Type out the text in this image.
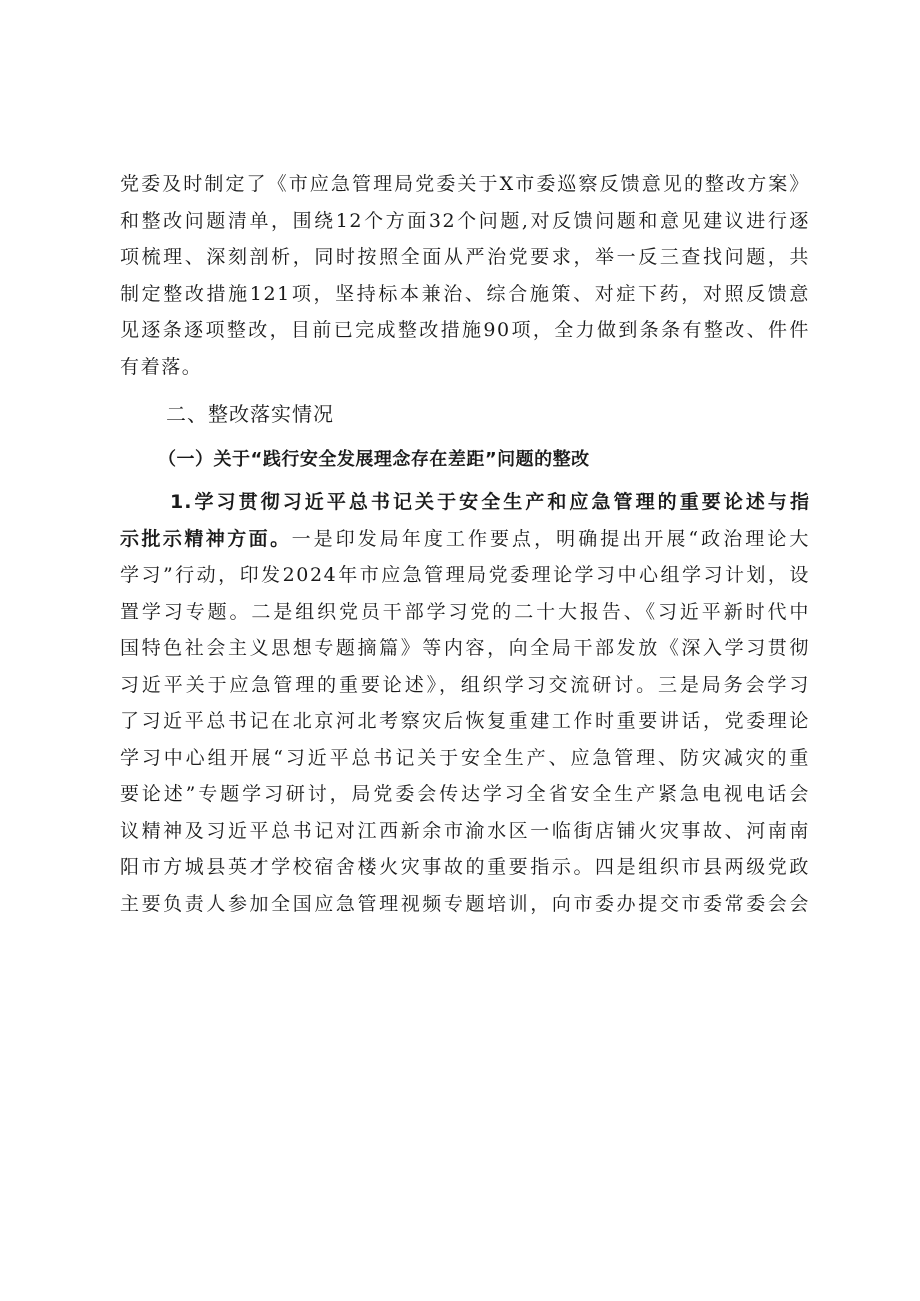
党委及时制定了《市应急管理局党委关于X市委巡察反馈意见的整改方案》
和整改问题清单，围绕12个方面32个问题,对反馈问题和意见建议进行逐
项梳理、深刻剖析，同时按照全面从严治党要求，举一反三查找问题，共
制定整改措施121项，坚持标本兼治、综合施策、对症下药，对照反馈意
见逐条逐项整改，目前已完成整改措施90项，全力做到条条有整改、件件
有着落。
二、整改落实情况
（一）关于“践行安全发展理念存在差距”问题的整改
1.学习贯彻习近平总书记关于安全生产和应急管理的重要论述与指
示批示精神方面。一是印发局年度工作要点，明确提出开展“政治理论大
学习”行动，印发2024年市应急管理局党委理论学习中心组学习计划，设
置学习专题。二是组织党员干部学习党的二十大报告、《习近平新时代中
国特色社会主义思想专题摘篇》等内容，向全局干部发放《深入学习贯彻
习近平关于应急管理的重要论述》，组织学习交流研讨。三是局务会学习
了习近平总书记在北京河北考察灾后恢复重建工作时重要讲话，党委理论
学习中心组开展“习近平总书记关于安全生产、应急管理、防灾减灾的重
要论述”专题学习研讨，局党委会传达学习全省安全生产紧急电视电话会
议精神及习近平总书记对江西新余市渝水区一临街店铺火灾事故、河南南
阳市方城县英才学校宿舍楼火灾事故的重要指示。四是组织市县两级党政
主要负责人参加全国应急管理视频专题培训，向市委办提交市委常委会会
